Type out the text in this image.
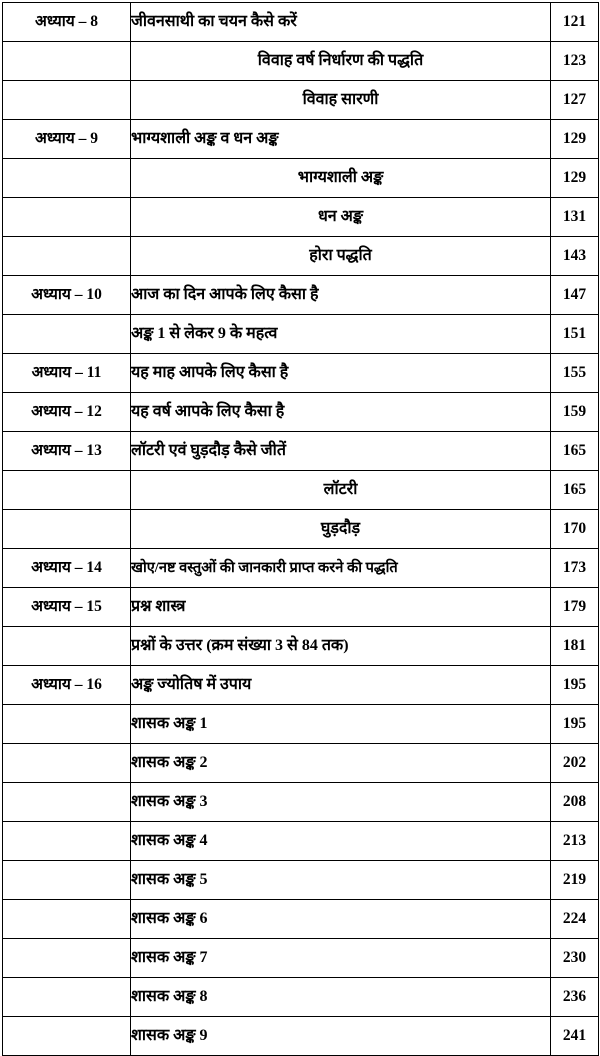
अध्याय – 8	जीवनसाथी का चयन कैसे करें	121
	विवाह वर्ष निर्धारण की पद्धति	123
	विवाह सारणी	127
अध्याय – 9	भाग्यशाली अङ्क व धन अङ्क	129
	भाग्यशाली अङ्क	129
	धन अङ्क	131
	होरा पद्धति	143
अध्याय – 10	आज का दिन आपके लिए कैसा है	147
	अङ्क 1 से लेकर 9 के महत्व	151
अध्याय – 11	यह माह आपके लिए कैसा है	155
अध्याय – 12	यह वर्ष आपके लिए कैसा है	159
अध्याय – 13	लॉटरी एवं घुड़दौड़ कैसे जीतें	165
	लॉटरी	165
	घुड़दौड़	170
अध्याय – 14	खोए/नष्ट वस्तुओं की जानकारी प्राप्त करने की पद्धति	173
अध्याय – 15	प्रश्न शास्त्र	179
	प्रश्नों के उत्तर (क्रम संख्या 3 से 84 तक)	181
अध्याय – 16	अङ्क ज्योतिष में उपाय	195
	शासक अङ्क 1	195
	शासक अङ्क 2	202
	शासक अङ्क 3	208
	शासक अङ्क 4	213
	शासक अङ्क 5	219
	शासक अङ्क 6	224
	शासक अङ्क 7	230
	शासक अङ्क 8	236
	शासक अङ्क 9	241
